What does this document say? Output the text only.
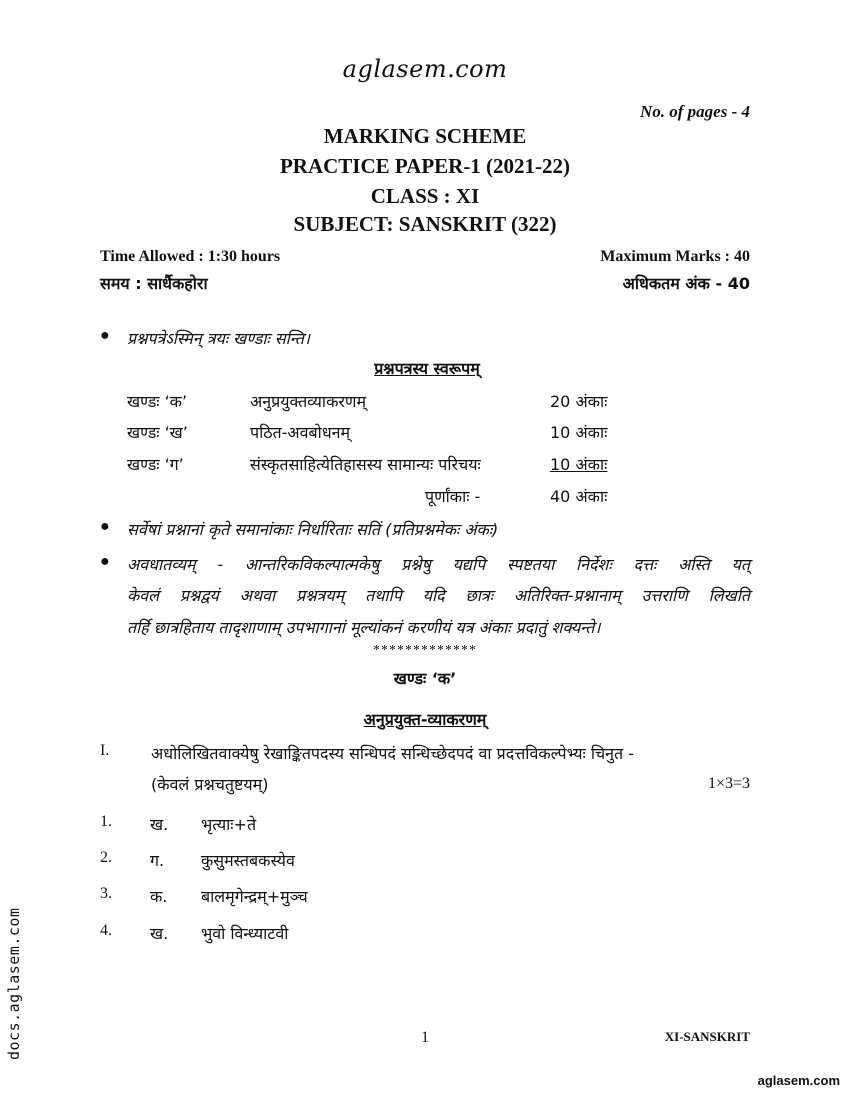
aglasem.com
No. of pages - 4
MARKING SCHEME
PRACTICE PAPER-1 (2021-22)
CLASS : XI
SUBJECT: SANSKRIT (322)
Time Allowed : 1:30 hours	Maximum Marks : 40
समय : सार्धैकहोरा	अधिकतम अंक - 40
● प्रश्नपत्रेऽस्मिन् त्रयः खण्डाः सन्ति।
प्रश्नपत्रस्य स्वरूपम्
खण्डः ‘क’	अनुप्रयुक्तव्याकरणम्	20 अंकाः
खण्डः ‘ख’	पठित-अवबोधनम्	10 अंकाः
खण्डः ‘ग’	संस्कृतसाहित्येतिहासस्य सामान्यः परिचयः	10 अंकाः
पूर्णांकाः -	40 अंकाः
● सर्वेषां प्रश्नानां कृते समानांकाः निर्धारिताः सतिं (प्रतिप्रश्नमेकः अंकः)
● अवधातव्यम् - आन्तरिकविकल्पात्मकेषु प्रश्नेषु यद्यपि स्पष्टतया निर्देशः दत्तः अस्ति यत्
केवलं प्रश्नद्वयं अथवा प्रश्नत्रयम् तथापि यदि छात्रः अतिरिक्त-प्रश्नानाम् उत्तराणि लिखति
तर्हि छात्रहिताय तादृशाणाम् उपभागानां मूल्यांकनं करणीयं यत्र अंकाः प्रदातुं शक्यन्ते।
*************
खण्डः ‘क’
अनुप्रयुक्त-व्याकरणम्
I.	अधोलिखितवाक्येषु रेखाङ्कितपदस्य सन्धिपदं सन्धिच्छेदपदं वा प्रदत्तविकल्पेभ्यः चिनुत -
(केवलं प्रश्नचतुष्टयम्)	1×3=3
1. ख. भृत्याः+ते
2. ग. कुसुमस्तबकस्येव
3. क. बालमृगेन्द्रम्+मुञ्च
4. ख. भुवो विन्ध्याटवी
1	XI-SANSKRIT
docs.aglasem.com
aglasem.com
